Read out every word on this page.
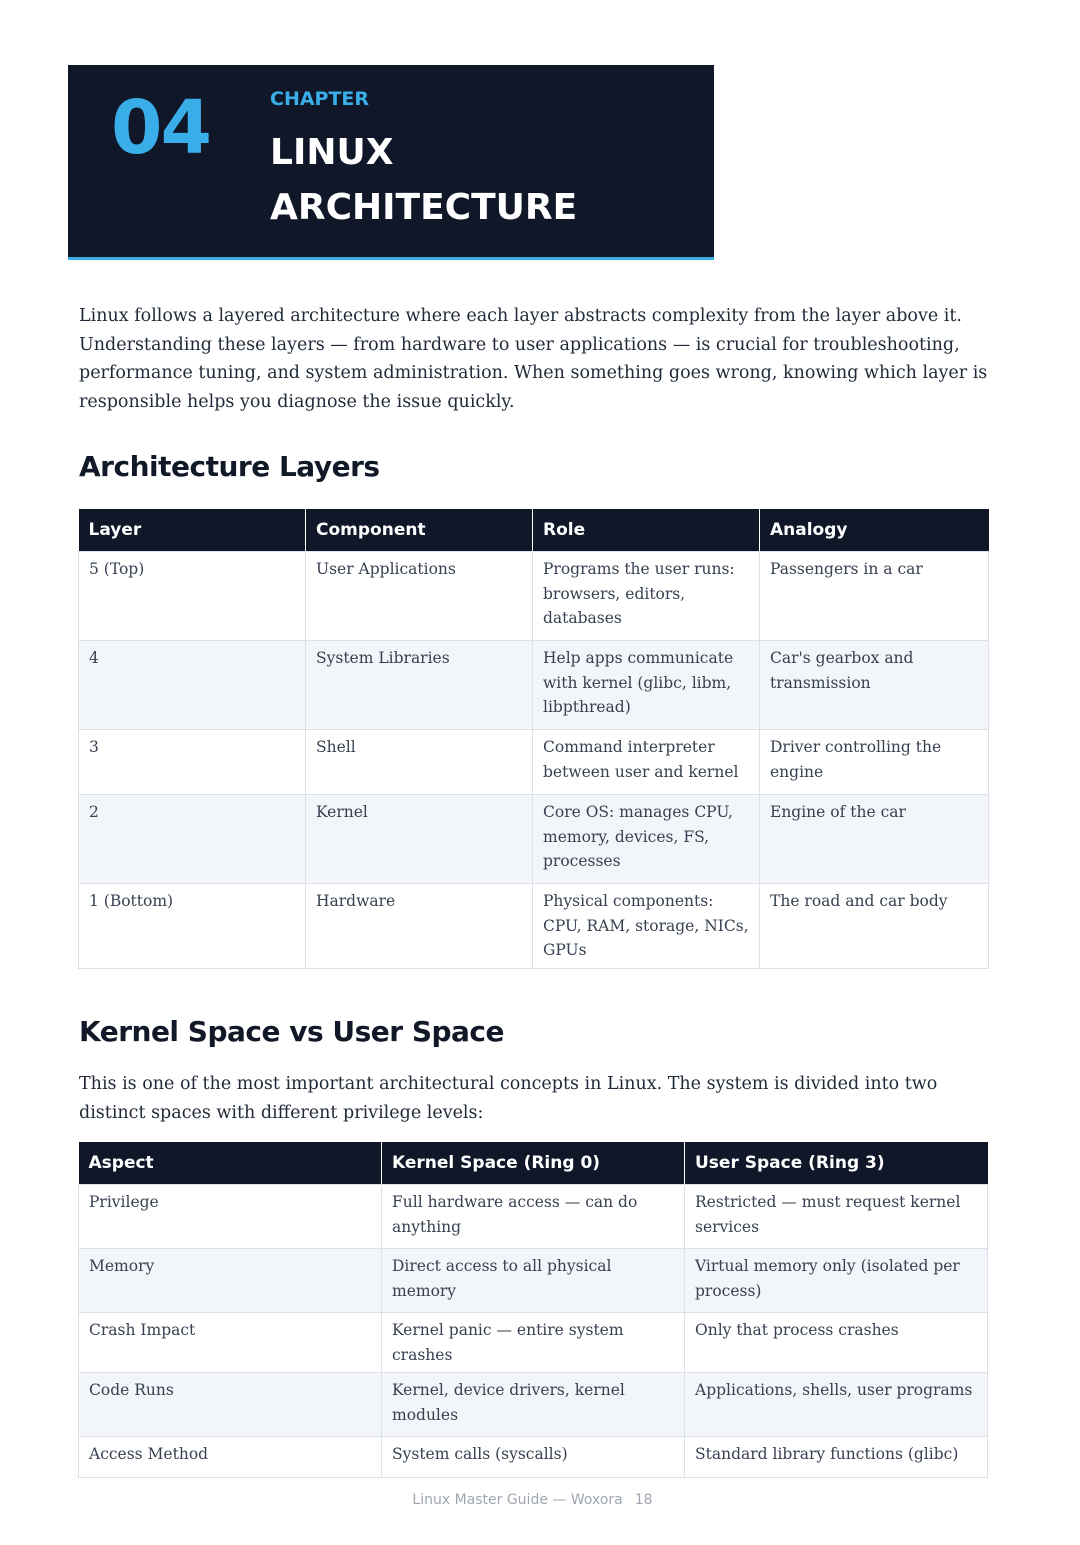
04	CHAPTER
LINUX
ARCHITECTURE

Linux follows a layered architecture where each layer abstracts complexity from the layer above it. Understanding these layers — from hardware to user applications — is crucial for troubleshooting, performance tuning, and system administration. When something goes wrong, knowing which layer is responsible helps you diagnose the issue quickly.

Architecture Layers
Layer	Component	Role	Analogy
5 (Top)	User Applications	Programs the user runs: browsers, editors, databases	Passengers in a car
4	System Libraries	Help apps communicate with kernel (glibc, libm, libpthread)	Car's gearbox and transmission
3	Shell	Command interpreter between user and kernel	Driver controlling the engine
2	Kernel	Core OS: manages CPU, memory, devices, FS, processes	Engine of the car
1 (Bottom)	Hardware	Physical components: CPU, RAM, storage, NICs, GPUs	The road and car body
Kernel Space vs User Space

This is one of the most important architectural concepts in Linux. The system is divided into two distinct spaces with different privilege levels:

Aspect	Kernel Space (Ring 0)	User Space (Ring 3)
Privilege	Full hardware access — can do anything	Restricted — must request kernel services
Memory	Direct access to all physical memory	Virtual memory only (isolated per process)
Crash Impact	Kernel panic — entire system crashes	Only that process crashes
Code Runs	Kernel, device drivers, kernel modules	Applications, shells, user programs
Access Method	System calls (syscalls)	Standard library functions (glibc)
Linux Master Guide — Woxora 18
